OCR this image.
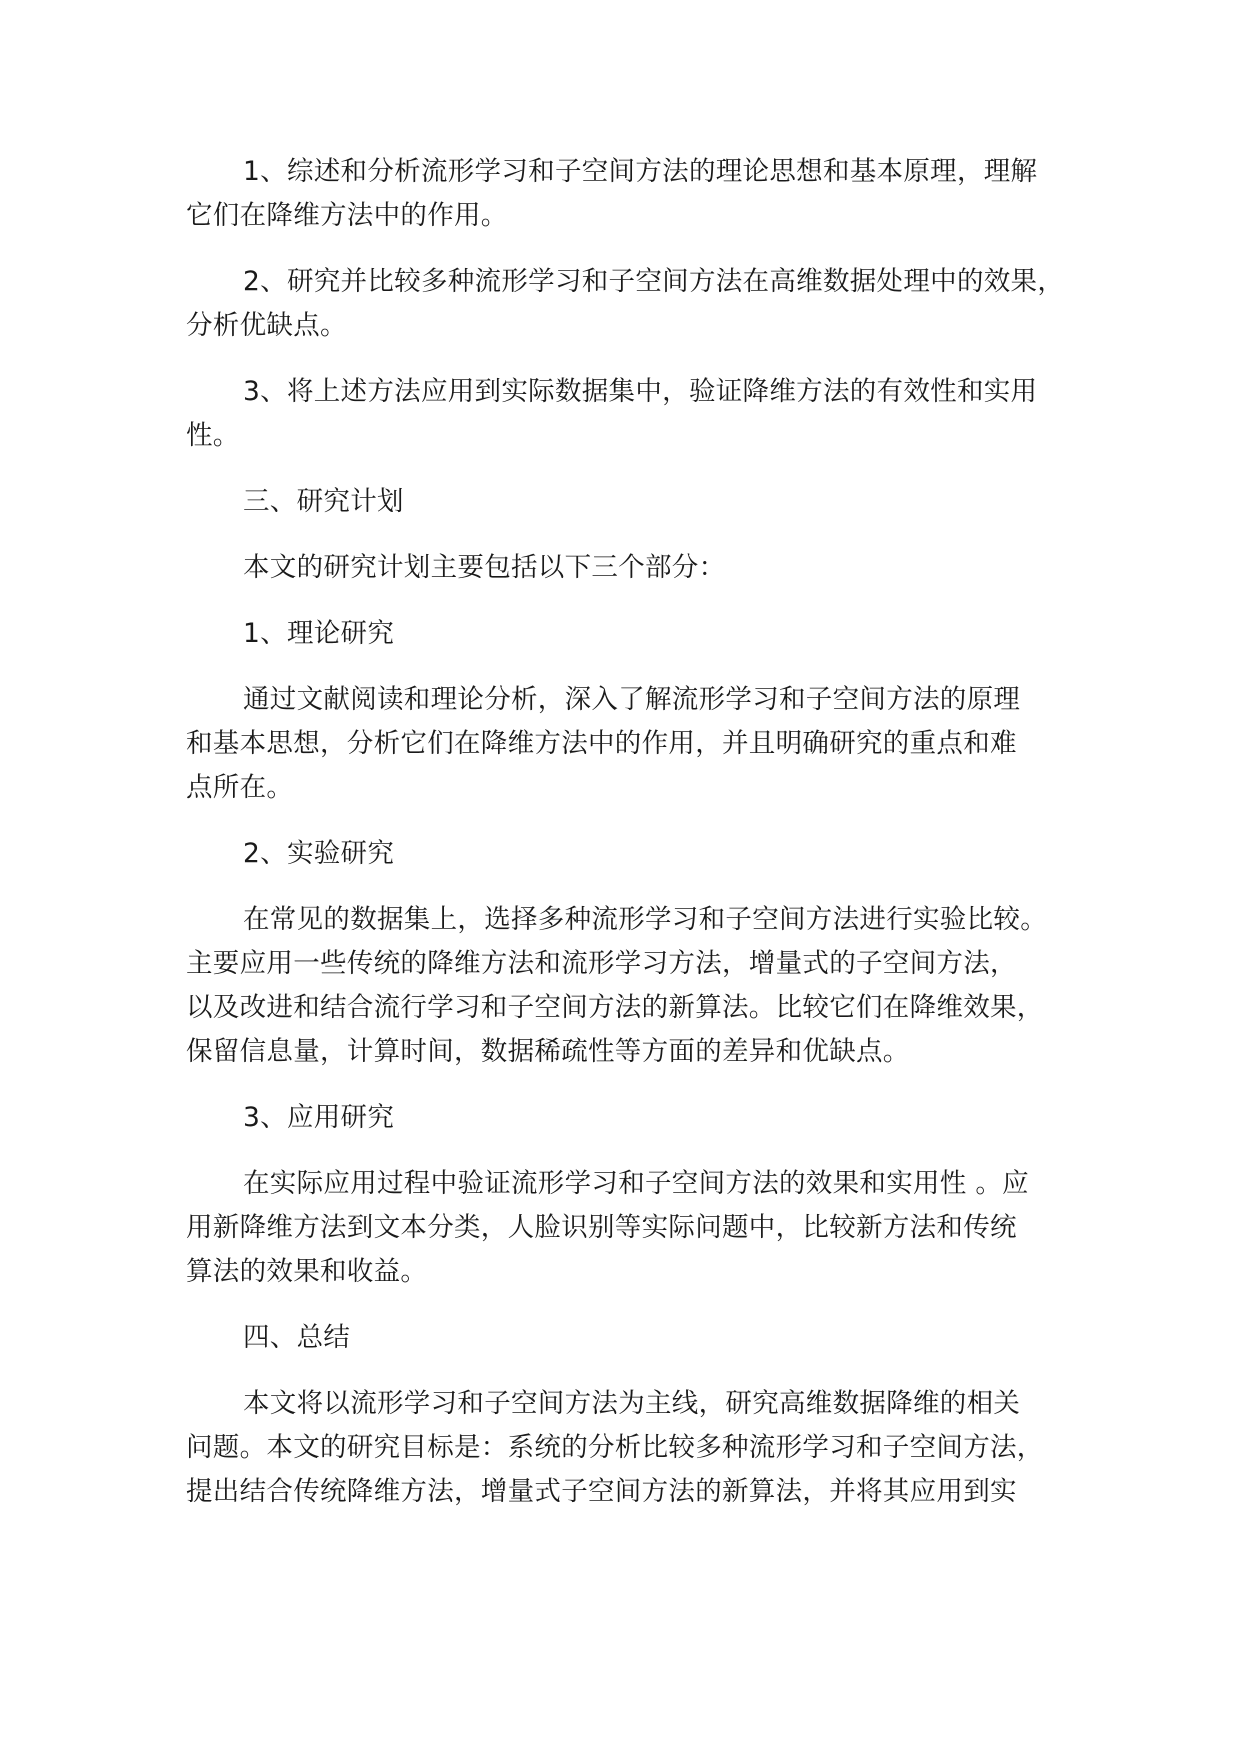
1、综述和分析流形学习和子空间方法的理论思想和基本原理，理解
它们在降维方法中的作用。

2、研究并比较多种流形学习和子空间方法在高维数据处理中的效果，
分析优缺点。

3、将上述方法应用到实际数据集中，验证降维方法的有效性和实用
性。

三、研究计划

本文的研究计划主要包括以下三个部分：

1、理论研究

通过文献阅读和理论分析，深入了解流形学习和子空间方法的原理
和基本思想，分析它们在降维方法中的作用，并且明确研究的重点和难
点所在。

2、实验研究

在常见的数据集上，选择多种流形学习和子空间方法进行实验比较。
主要应用一些传统的降维方法和流形学习方法，增量式的子空间方法，
以及改进和结合流行学习和子空间方法的新算法。比较它们在降维效果，
保留信息量，计算时间，数据稀疏性等方面的差异和优缺点。

3、应用研究

在实际应用过程中验证流形学习和子空间方法的效果和实用性 。应
用新降维方法到文本分类，人脸识别等实际问题中，比较新方法和传统
算法的效果和收益。

四、总结

本文将以流形学习和子空间方法为主线，研究高维数据降维的相关
问题。本文的研究目标是：系统的分析比较多种流形学习和子空间方法，
提出结合传统降维方法，增量式子空间方法的新算法，并将其应用到实
